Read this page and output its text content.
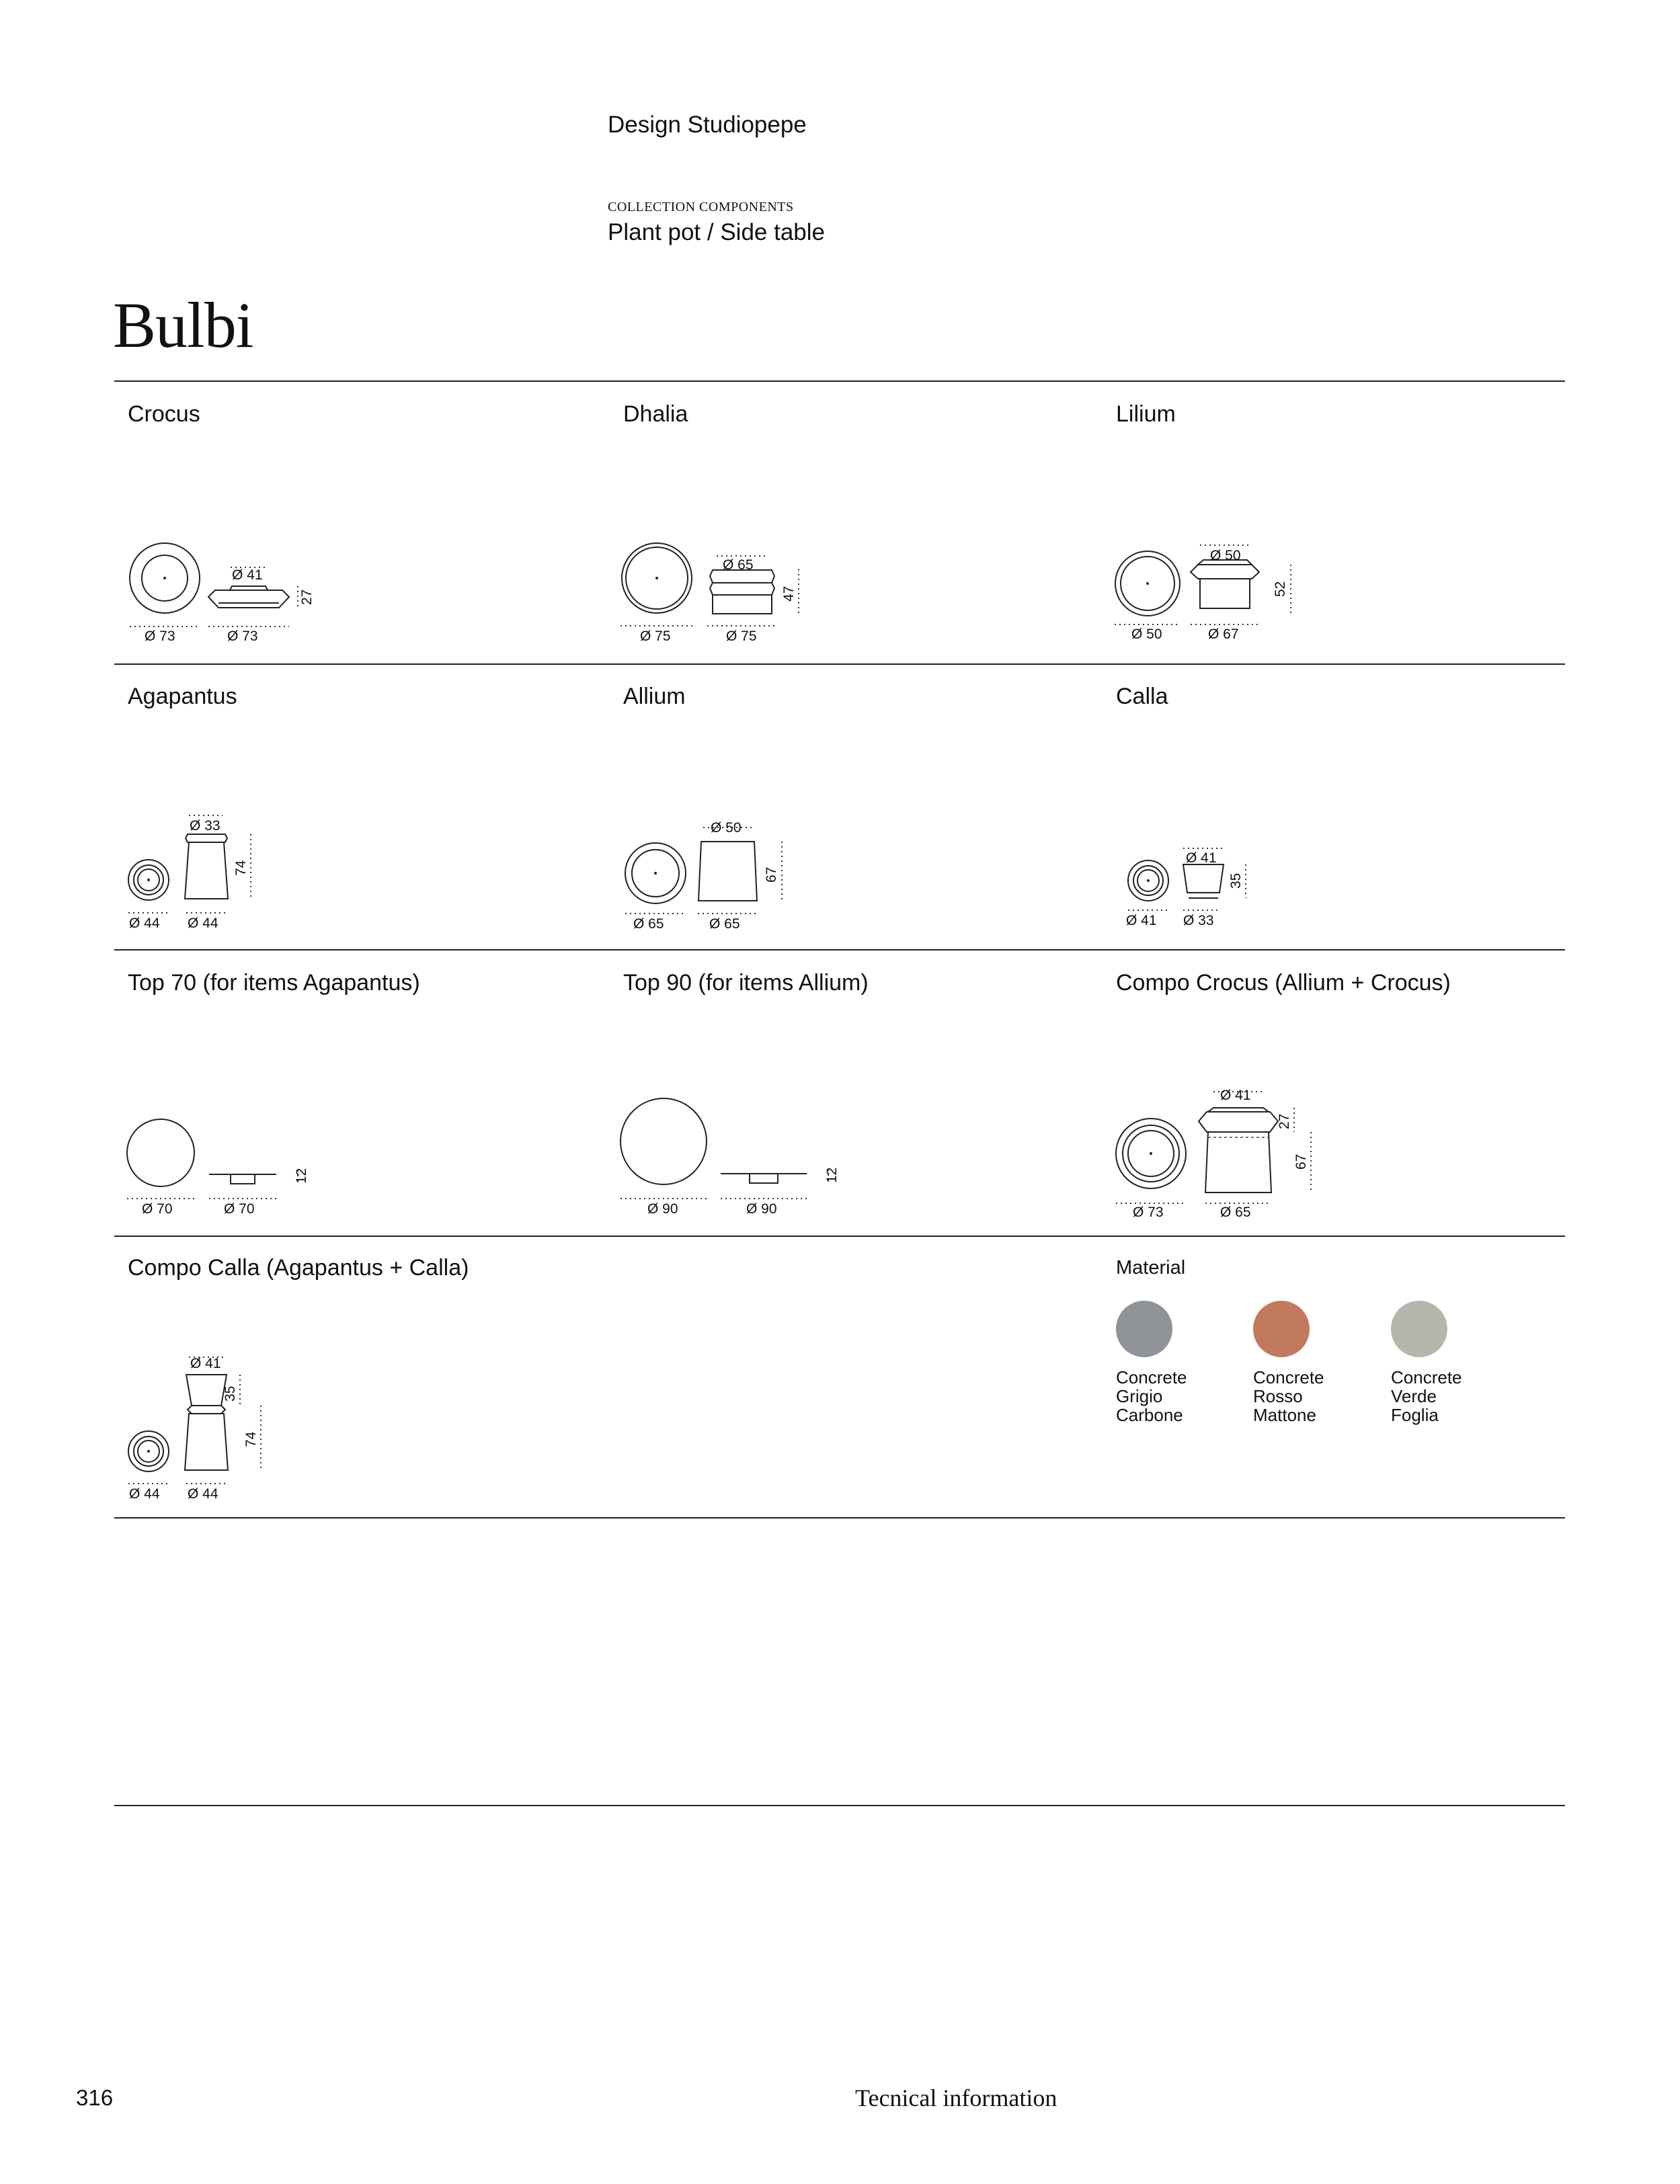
Design Studiopepe
COLLECTION COMPONENTS
Plant pot / Side table
Bulbi
Crocus	Dhalia	Lilium
Ø 73	Ø 73
Ø 41
27
Ø 75	Ø 75
Ø 65
47
Ø 50	Ø 67
Ø 50
52
Agapantus	Allium	Calla
Ø 44 Ø 44
Ø 33
74
Ø 65	Ø 65
Ø 50
67
Ø 41 Ø 33
Ø 41
35
Top 70 (for items Agapantus)	Top 90 (for items Allium)	Compo Crocus (Allium + Crocus)
Ø 70	Ø 70
12
Ø 90	Ø 90
12
Ø 73	Ø 65
Ø 41
27
67
Compo Calla (Agapantus + Calla)
Ø 44 Ø 44
Ø 41
35
74
Material
Concrete
Grigio
Carbone
Concrete
Rosso
Mattone
Concrete
Verde
Foglia
316	Tecnical information
